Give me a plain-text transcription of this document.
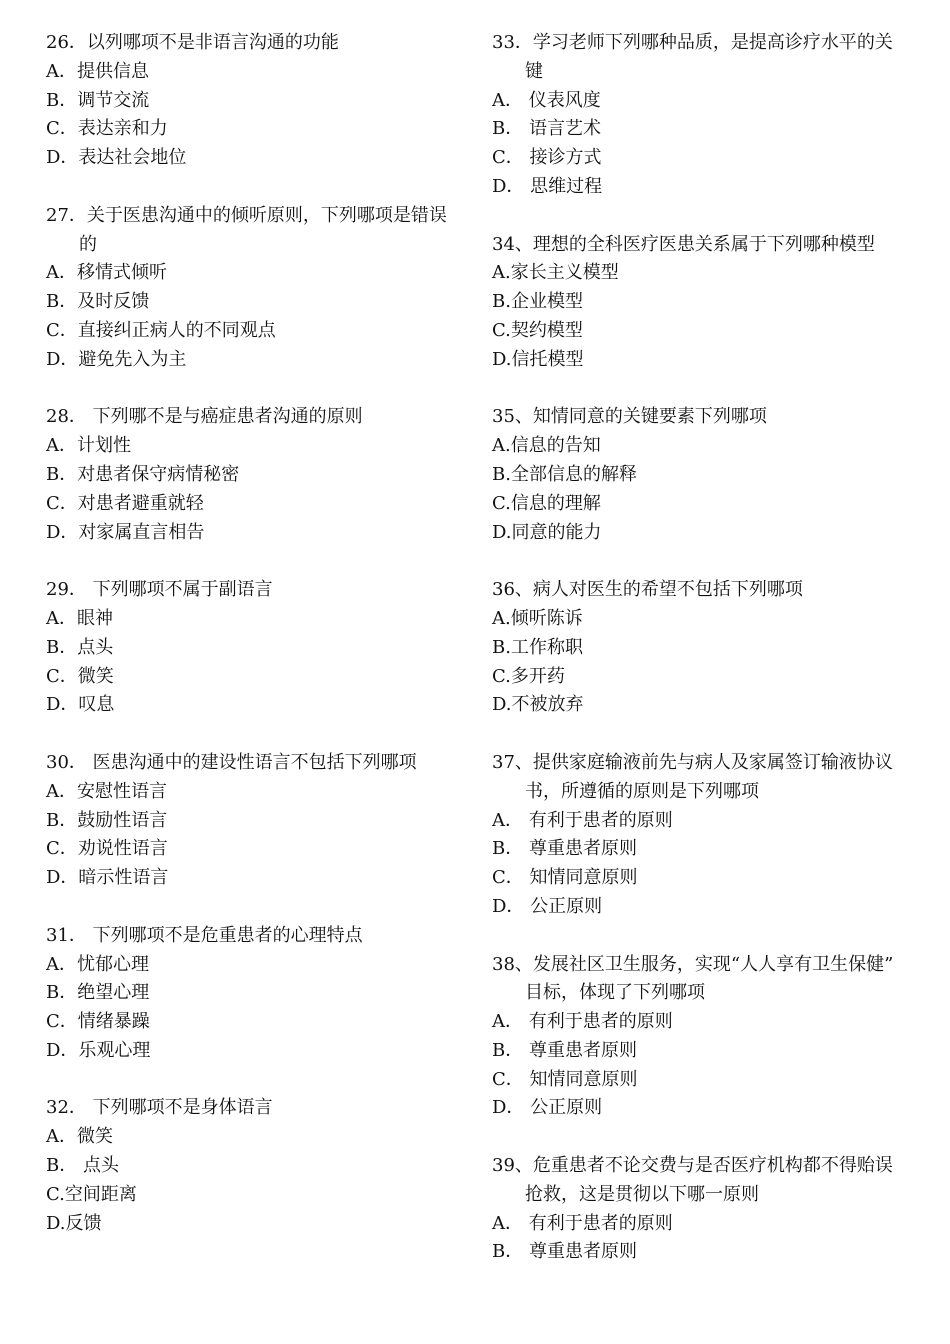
26．以列哪项不是非语言沟通的功能
A．提供信息
B．调节交流
C．表达亲和力
D．表达社会地位
27．关于医患沟通中的倾听原则，下列哪项是错误
的
A．移情式倾听
B．及时反馈
C．直接纠正病人的不同观点
D．避免先入为主
28． 下列哪不是与癌症患者沟通的原则
A．计划性
B．对患者保守病情秘密
C．对患者避重就轻
D．对家属直言相告
29． 下列哪项不属于副语言
A．眼神
B．点头
C．微笑
D．叹息
30． 医患沟通中的建设性语言不包括下列哪项
A．安慰性语言
B．鼓励性语言
C．劝说性语言
D．暗示性语言
31． 下列哪项不是危重患者的心理特点
A．忧郁心理
B．绝望心理
C．情绪暴躁
D．乐观心理
32． 下列哪项不是身体语言
A．微笑
B． 点头
C.空间距离
D.反馈
33．学习老师下列哪种品质，是提高诊疗水平的关
键
A． 仪表风度
B． 语言艺术
C． 接诊方式
D． 思维过程
34、理想的全科医疗医患关系属于下列哪种模型
A.家长主义模型
B.企业模型
C.契约模型
D.信托模型
35、知情同意的关键要素下列哪项
A.信息的告知
B.全部信息的解释
C.信息的理解
D.同意的能力
36、病人对医生的希望不包括下列哪项
A.倾听陈诉
B.工作称职
C.多开药
D.不被放弃
37、提供家庭输液前先与病人及家属签订输液协议
书，所遵循的原则是下列哪项
A． 有利于患者的原则
B． 尊重患者原则
C． 知情同意原则
D． 公正原则
38、发展社区卫生服务，实现“人人享有卫生保健”
目标，体现了下列哪项
A． 有利于患者的原则
B． 尊重患者原则
C． 知情同意原则
D． 公正原则
39、危重患者不论交费与是否医疗机构都不得贻误
抢救，这是贯彻以下哪一原则
A． 有利于患者的原则
B． 尊重患者原则
